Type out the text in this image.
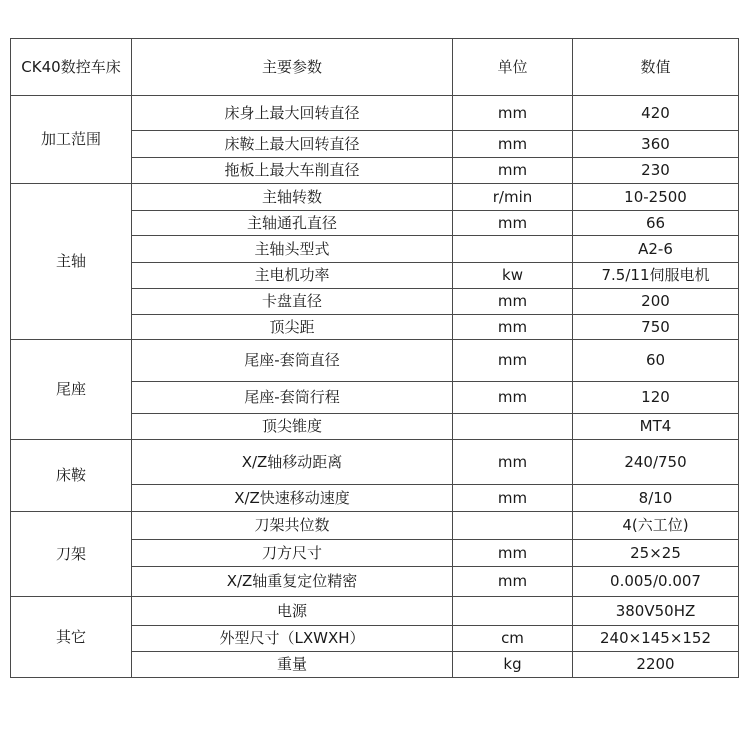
CK40数控车床	主要参数	单位	数值
加工范围	床身上最大回转直径	mm	420
	床鞍上最大回转直径	mm	360
	拖板上最大车削直径	mm	230
主轴	主轴转数	r/min	10-2500
	主轴通孔直径	mm	66
	主轴头型式		A2-6
	主电机功率	kw	7.5/11伺服电机
	卡盘直径	mm	200
	顶尖距	mm	750
尾座	尾座-套筒直径	mm	60
	尾座-套筒行程	mm	120
	顶尖锥度		MT4
床鞍	X/Z轴移动距离	mm	240/750
	X/Z快速移动速度	mm	8/10
刀架	刀架共位数		4(六工位)
	刀方尺寸	mm	25×25
	X/Z轴重复定位精密	mm	0.005/0.007
其它	电源		380V50HZ
	外型尺寸（LXWXH）	cm	240×145×152
	重量	kg	2200
